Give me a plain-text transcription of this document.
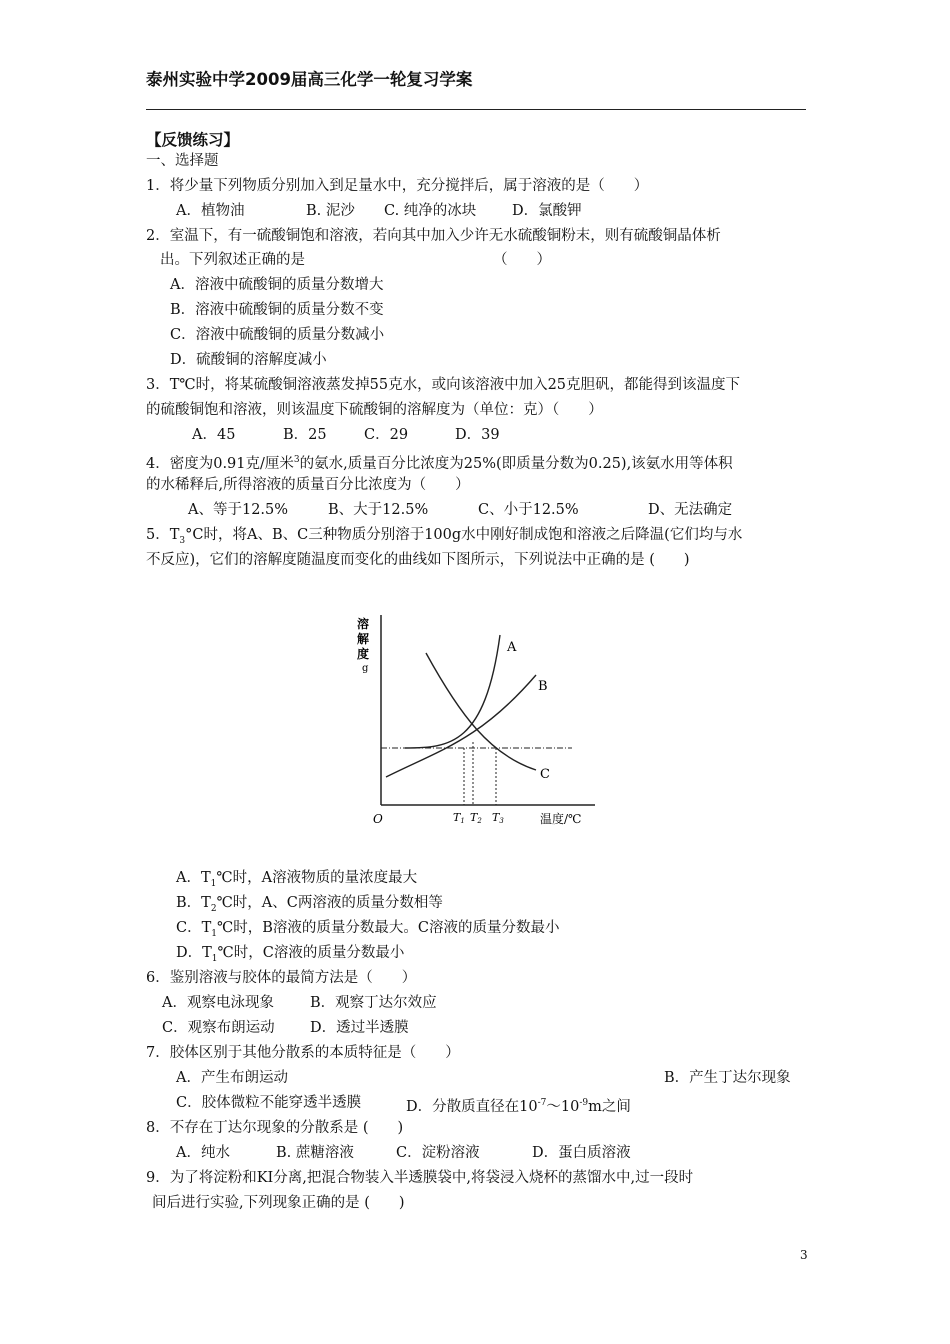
泰州实验中学2009届高三化学一轮复习学案
【反馈练习】
一、选择题
1．将少量下列物质分别加入到足量水中，充分搅拌后，属于溶液的是（　　）
A．植物油	B. 泥沙 C. 纯净的冰块 D．氯酸钾
2．室温下，有一硫酸铜饱和溶液，若向其中加入少许无水硫酸铜粉末，则有硫酸铜晶体析
出。下列叙述正确的是	（　　）
A．溶液中硫酸铜的质量分数增大
B．溶液中硫酸铜的质量分数不变
C．溶液中硫酸铜的质量分数减小
D．硫酸铜的溶解度减小
3．T℃时，将某硫酸铜溶液蒸发掉55克水，或向该溶液中加入25克胆矾，都能得到该温度下
的硫酸铜饱和溶液，则该温度下硫酸铜的溶解度为（单位：克）（　　）
A．45	B．25	C．29	D．39
4．密度为0.91克/厘米$^3$的氨水,质量百分比浓度为25%(即质量分数为0.25),该氨水用等体积
的水稀释后,所得溶液的质量百分比浓度为（　　）
A、等于12.5%	B、大于12.5%	C、小于12.5%	D、无法确定
5．$T_3^\circ C$时，将A、B、C三种物质分别溶于100g水中刚好制成饱和溶液之后降温(它们均与水
不反应)，它们的溶解度随温度而变化的曲线如下图所示，下列说法中正确的是 (　　)
溶
解
度
g
O	温度/℃
A
B
C
T1 T2 T3
A．$T_1℃$时，A溶液物质的量浓度最大
B．$T_2℃$时，A、C两溶液的质量分数相等
C．$T_1℃$时，B溶液的质量分数最大。C溶液的质量分数最小
D．$T_1℃$时，C溶液的质量分数最小
6．鉴别溶液与胶体的最简方法是（　　）
A．观察电泳现象 B．观察丁达尔效应
C．观察布朗运动 D．透过半透膜
7．胶体区别于其他分散系的本质特征是（　　）
A．产生布朗运动	B．产生丁达尔现象
C．胶体微粒不能穿透半透膜	D．分散质直径在$10^{-7}\sim 10^{-9}m$之间
8．不存在丁达尔现象的分散系是 (　　)
A．纯水	B. 蔗糖溶液	C．淀粉溶液	D．蛋白质溶液
9．为了将淀粉和KI分离,把混合物装入半透膜袋中,将袋浸入烧杯的蒸馏水中,过一段时
间后进行实验,下列现象正确的是 (　　)
3
